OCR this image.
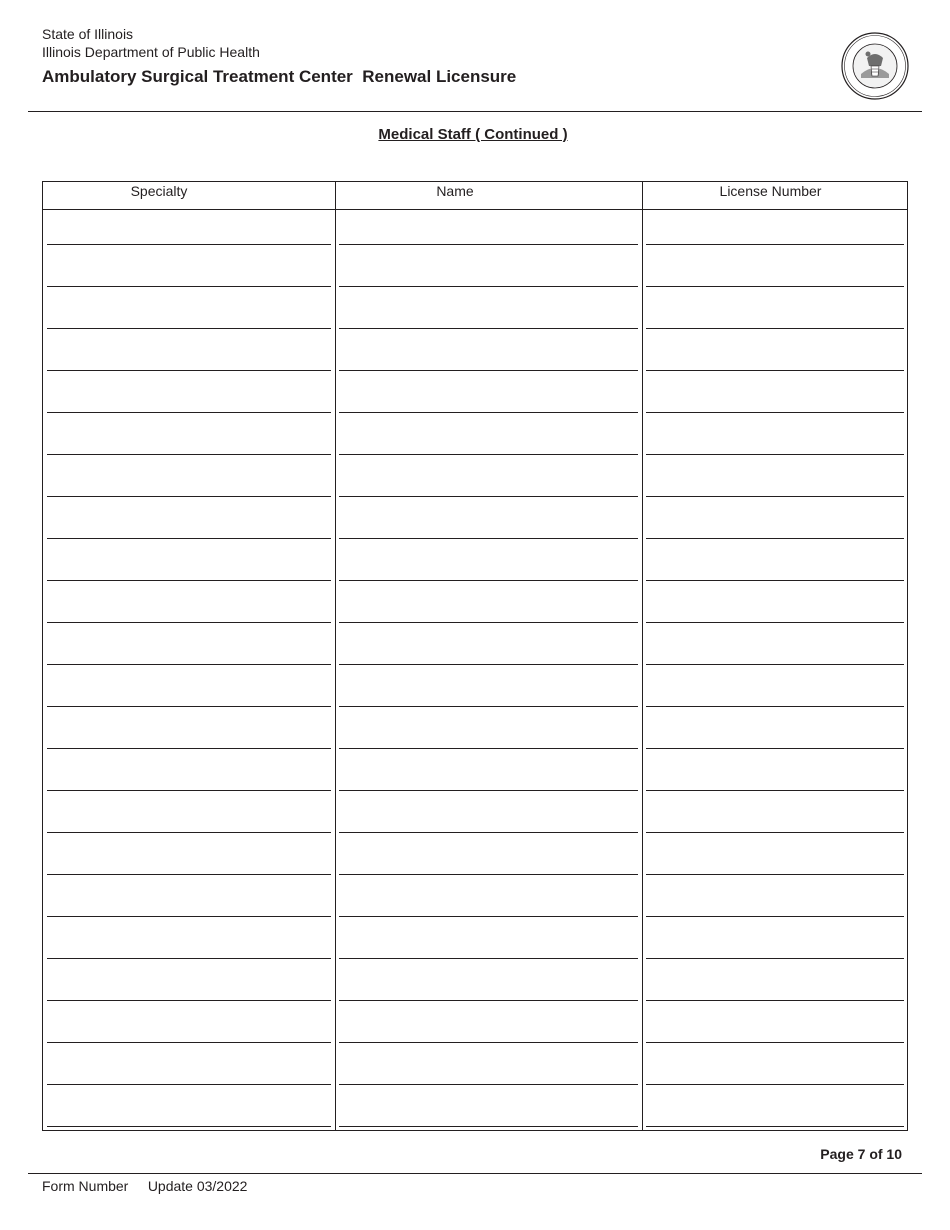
State of Illinois
Illinois Department of Public Health
Ambulatory Surgical Treatment Center  Renewal Licensure
Medical Staff ( Continued )
Specialty	Name	License Number
Page 7 of 10
Form Number Update 03/2022
